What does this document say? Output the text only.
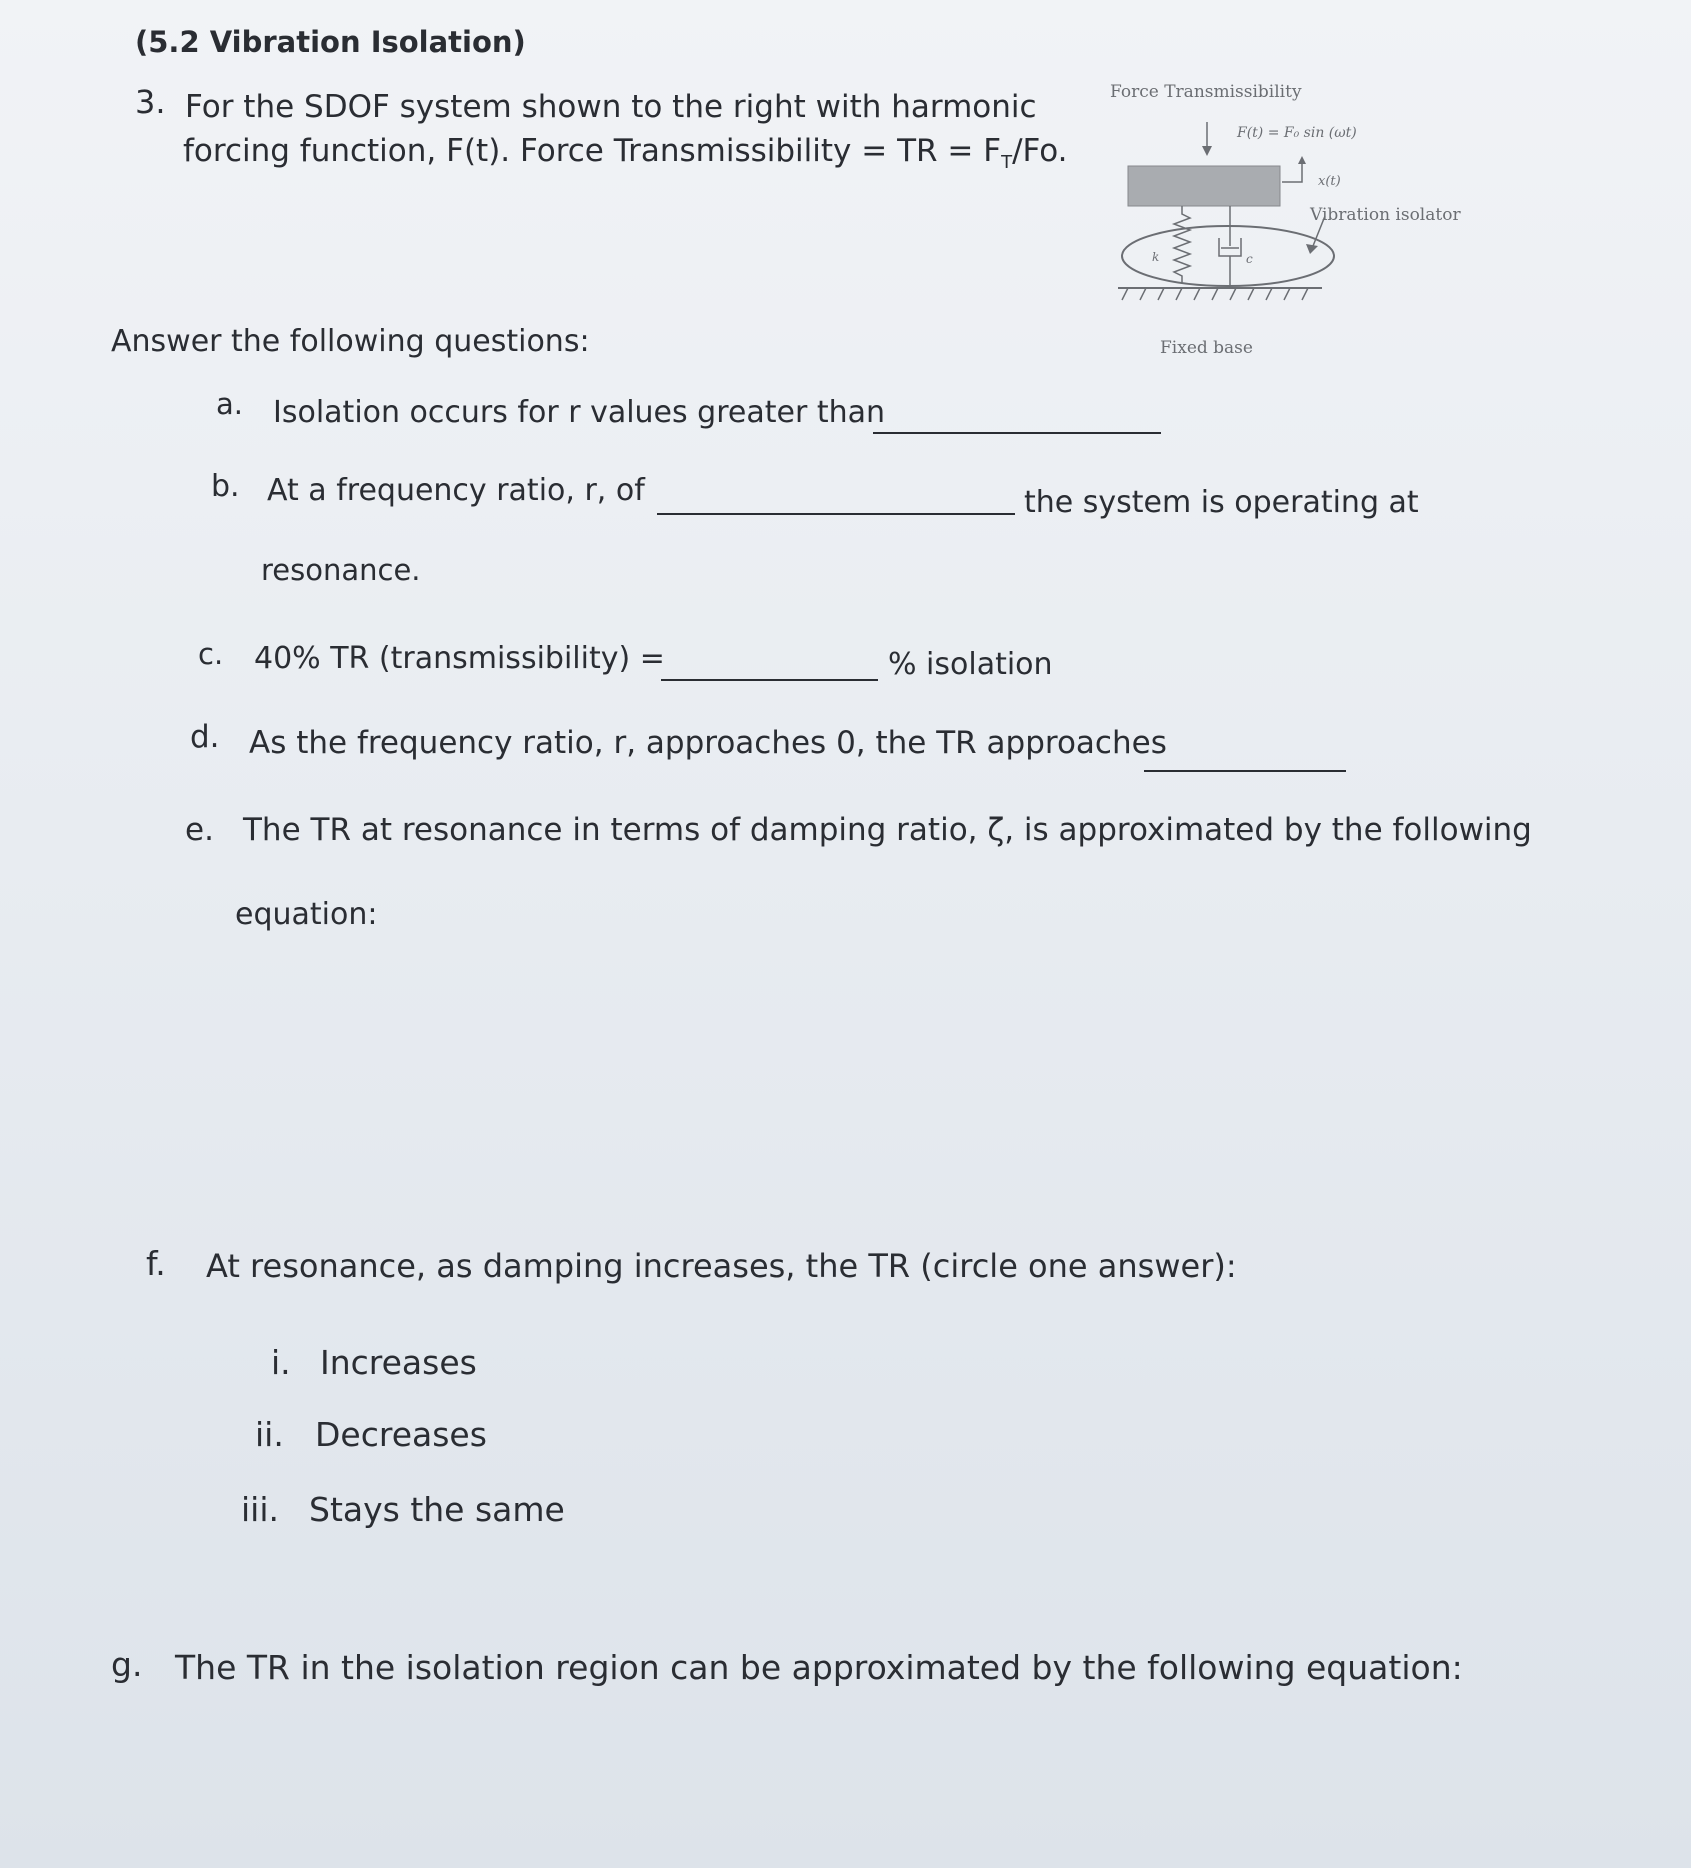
(5.2 Vibration Isolation)
3. For the SDOF system shown to the right with harmonic
forcing function, F(t). Force Transmissibility = TR = $F_T/Fo$.
Force Transmissibility
F(t) = F₀ sin (ωt)
x(t)
Vibration isolator
k	c
Fixed base
Answer the following questions:
a. Isolation occurs for r values greater than
b. At a frequency ratio, r, of	the system is operating at
resonance.
c. 40% TR (transmissibility) =	% isolation
d. As the frequency ratio, r, approaches 0, the TR approaches
e. The TR at resonance in terms of damping ratio, ζ, is approximated by the following
equation:
f. At resonance, as damping increases, the TR (circle one answer):
i. Increases
ii. Decreases
iii. Stays the same
g. The TR in the isolation region can be approximated by the following equation:
